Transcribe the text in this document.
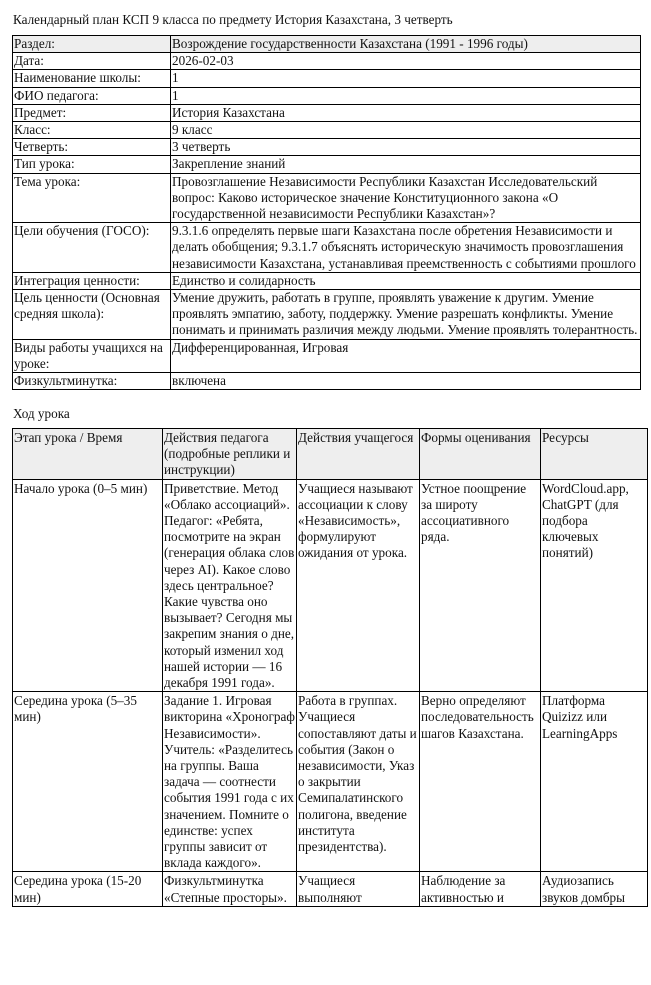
Календарный план КСП 9 класса по предмету История Казахстана, 3 четверть
Раздел:	Возрождение государственности Казахстана (1991 - 1996 годы)
Дата:	2026-02-03
Наименование школы:	1
ФИО педагога:	1
Предмет:	История Казахстана
Класс:	9 класс
Четверть:	3 четверть
Тип урока:	Закрепление знаний
Тема урока:	Провозглашение Независимости Республики Казахстан Исследовательский вопрос: Каково историческое значение Конституционного закона «О государственной независимости Республики Казахстан»?
Цели обучения (ГОСО):	9.3.1.6 определять первые шаги Казахстана после обретения Независимости и делать обобщения; 9.3.1.7 объяснять историческую значимость провозглашения независимости Казахстана, устанавливая преемственность с событиями прошлого
Интеграция ценности:	Единство и солидарность
Цель ценности (Основная средняя школа):	Умение дружить, работать в группе, проявлять уважение к другим. Умение проявлять эмпатию, заботу, поддержку. Умение разрешать конфликты. Умение понимать и принимать различия между людьми. Умение проявлять толерантность.
Виды работы учащихся на уроке:	Дифференцированная, Игровая
Физкультминутка:	включена
Ход урока
Этап урока / Время	Действия педагога (подробные реплики и инструкции)	Действия учащегося	Формы оценивания	Ресурсы
Начало урока (0–5 мин)	Приветствие. Метод «Облако ассоциаций». Педагог: «Ребята, посмотрите на экран (генерация облака слов через AI). Какое слово здесь центральное? Какие чувства оно вызывает? Сегодня мы закрепим знания о дне, который изменил ход нашей истории — 16 декабря 1991 года».	Учащиеся называют ассоциации к слову «Независимость», формулируют ожидания от урока.	Устное поощрение за широту ассоциативного ряда.	WordCloud.app, ChatGPT (для подбора ключевых понятий)
Середина урока (5–35 мин)	Задание 1. Игровая викторина «Хронограф Независимости». Учитель: «Разделитесь на группы. Ваша задача — соотнести события 1991 года с их значением. Помните о единстве: успех группы зависит от вклада каждого».	Работа в группах. Учащиеся сопоставляют даты и события (Закон о независимости, Указ о закрытии Семипалатинского полигона, введение института президентства).	Верно определяют последовательность шагов Казахстана.	Платформа Quizizz или LearningApps
Середина урока (15-20 мин)	Физкультминутка «Степные просторы».	Учащиеся выполняют	Наблюдение за активностью и	Аудиозапись звуков домбры
